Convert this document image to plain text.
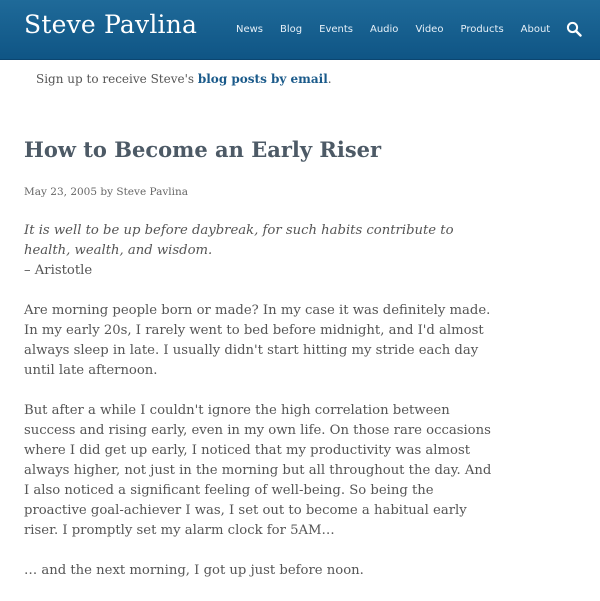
Steve Pavlina	News Blog Events Audio Video Products About
Sign up to receive Steve's blog posts by email.
How to Become an Early Riser
May 23, 2005 by Steve Pavlina

It is well to be up before daybreak, for such habits contribute to health, wealth, and wisdom.
– Aristotle

Are morning people born or made? In my case it was definitely made. In my early 20s, I rarely went to bed before midnight, and I'd almost always sleep in late. I usually didn't start hitting my stride each day until late afternoon.

But after a while I couldn't ignore the high correlation between success and rising early, even in my own life. On those rare occasions where I did get up early, I noticed that my productivity was almost always higher, not just in the morning but all throughout the day. And I also noticed a significant feeling of well-being. So being the proactive goal-achiever I was, I set out to become a habitual early riser. I promptly set my alarm clock for 5AM…

… and the next morning, I got up just before noon.
